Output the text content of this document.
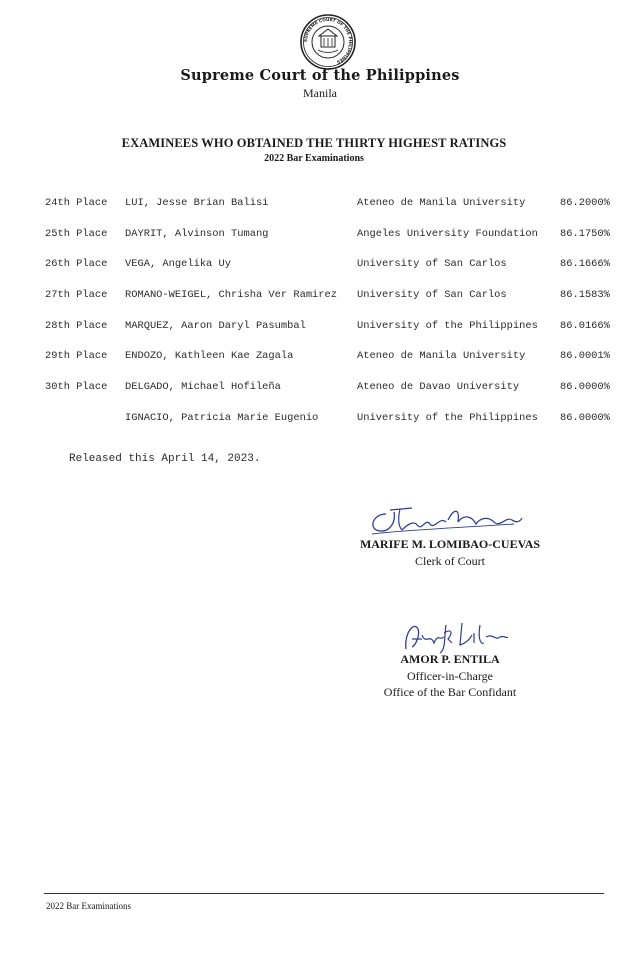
SUPREME COURT OF THE PHILIPPINES
Supreme Court of the Philippines
Manila
EXAMINEES WHO OBTAINED THE THIRTY HIGHEST RATINGS
2022 Bar Examinations
24th Place LUI, Jesse Brian Balisi	Ateneo de Manila University	86.2000%
25th Place DAYRIT, Alvinson Tumang	Angeles University Foundation 86.1750%
26th Place VEGA, Angelika Uy	University of San Carlos	86.1666%
27th Place ROMANO-WEIGEL, Chrisha Ver Ramirez University of San Carlos	86.1583%
28th Place MARQUEZ, Aaron Daryl Pasumbal	University of the Philippines 86.0166%
29th Place ENDOZO, Kathleen Kae Zagala	Ateneo de Manila University	86.0001%
30th Place DELGADO, Michael Hofileña	Ateneo de Davao University	86.0000%
IGNACIO, Patricia Marie Eugenio	University of the Philippines 86.0000%
Released this April 14, 2023.
MARIFE M. LOMIBAO-CUEVAS
Clerk of Court
AMOR P. ENTILA
Officer-in-Charge
Office of the Bar Confidant
2022 Bar Examinations
